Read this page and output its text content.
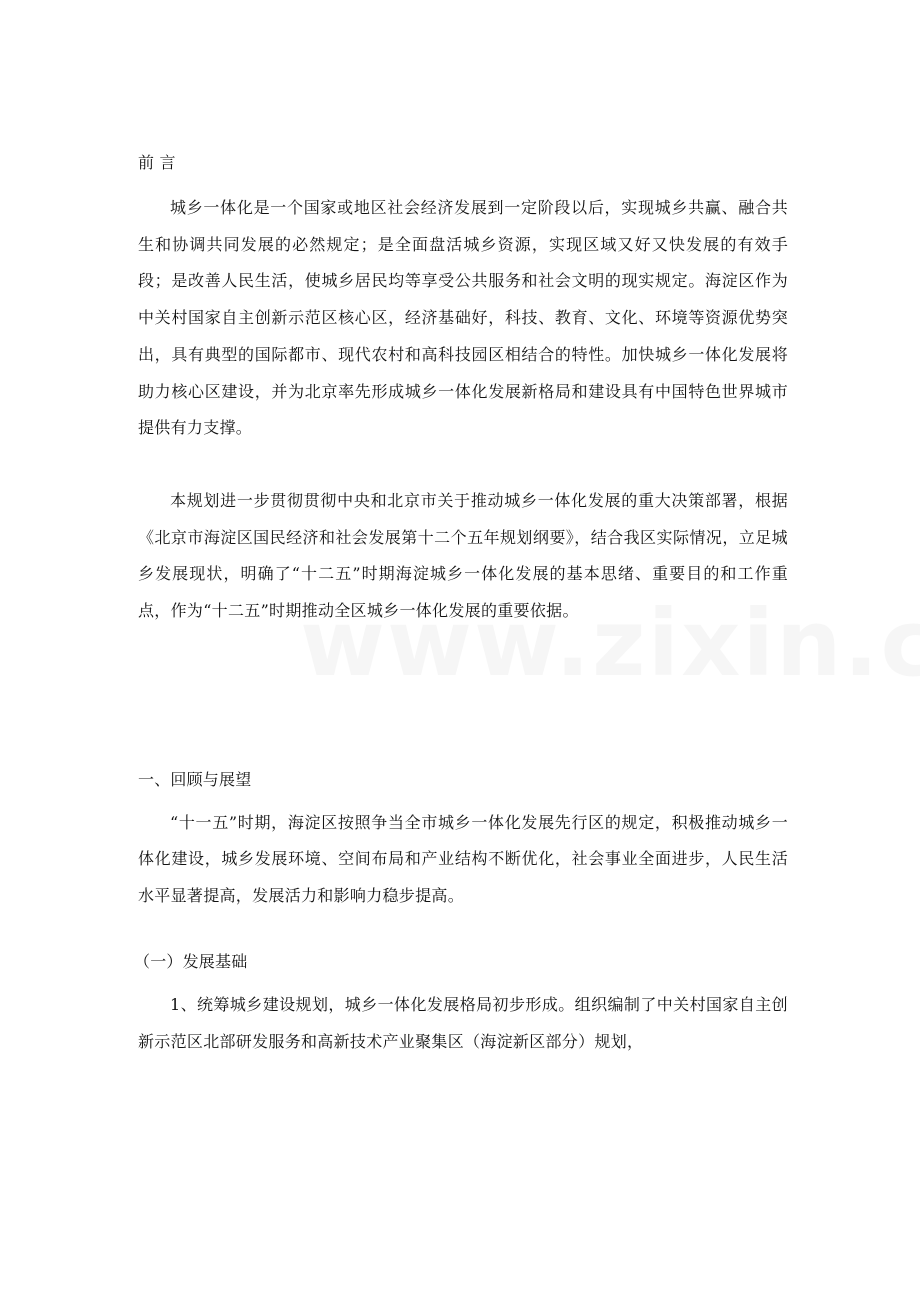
前 言

城乡一体化是一个国家或地区社会经济发展到一定阶段以后，实现城乡共赢、融合共生和协调共同发展的必然规定；是全面盘活城乡资源，实现区域又好又快发展的有效手段；是改善人民生活，使城乡居民均等享受公共服务和社会文明的现实规定。海淀区作为中关村国家自主创新示范区核心区，经济基础好，科技、教育、文化、环境等资源优势突出，具有典型的国际都市、现代农村和高科技园区相结合的特性。加快城乡一体化发展将助力核心区建设，并为北京率先形成城乡一体化发展新格局和建设具有中国特色世界城市提供有力支撑。

本规划进一步贯彻贯彻中央和北京市关于推动城乡一体化发展的重大决策部署，根据《北京市海淀区国民经济和社会发展第十二个五年规划纲要》，结合我区实际情况，立足城乡发展现状，明确了“十二五”时期海淀城乡一体化发展的基本思绪、重要目的和工作重点，作为“十二五”时期推动全区城乡一体化发展的重要依据。

一、回顾与展望

“十一五”时期，海淀区按照争当全市城乡一体化发展先行区的规定，积极推动城乡一体化建设，城乡发展环境、空间布局和产业结构不断优化，社会事业全面进步，人民生活水平显著提高，发展活力和影响力稳步提高。

（一）发展基础

1、统筹城乡建设规划，城乡一体化发展格局初步形成。组织编制了中关村国家自主创新示范区北部研发服务和高新技术产业聚集区（海淀新区部分）规划，
